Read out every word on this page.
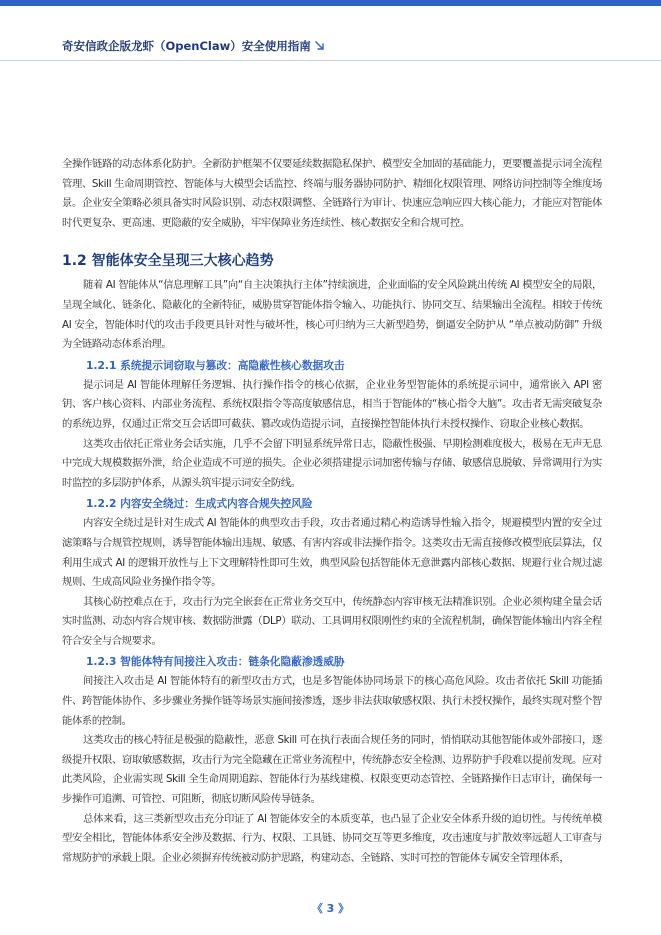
奇安信政企版龙虾（OpenClaw）安全使用指南

全操作链路的动态体系化防护。全新防护框架不仅要延续数据隐私保护、模型安全加固的基础能力，更要覆盖提示词全流程管理、Skill 生命周期管控、智能体与大模型会话监控、终端与服务器协同防护、精细化权限管理、网络访问控制等全维度场景。企业安全策略必须具备实时风险识别、动态权限调整、全链路行为审计、快速应急响应四大核心能力，才能应对智能体时代更复杂、更高速、更隐蔽的安全威胁，牢牢保障业务连续性、核心数据安全和合规可控。

1.2 智能体安全呈现三大核心趋势

随着 AI 智能体从“信息理解工具”向“自主决策执行主体”持续演进，企业面临的安全风险跳出传统 AI 模型安全的局限，呈现全域化、链条化、隐蔽化的全新特征，威胁贯穿智能体指令输入、功能执行、协同交互、结果输出全流程。相较于传统 AI 安全，智能体时代的攻击手段更具针对性与破坏性，核心可归纳为三大新型趋势，倒逼安全防护从 “单点被动防御” 升级为全链路动态体系治理。

1.2.1 系统提示词窃取与篡改：高隐蔽性核心数据攻击

提示词是 AI 智能体理解任务逻辑、执行操作指令的核心依据，企业业务型智能体的系统提示词中，通常嵌入 API 密钥、客户核心资料、内部业务流程、系统权限指令等高度敏感信息，相当于智能体的“核心指令大脑”。攻击者无需突破复杂的系统边界，仅通过正常交互会话即可截获、篡改或伪造提示词，直接操控智能体执行未授权操作、窃取企业核心数据。

这类攻击依托正常业务会话实施，几乎不会留下明显系统异常日志，隐蔽性极强、早期检测难度极大，极易在无声无息中完成大规模数据外泄，给企业造成不可逆的损失。企业必须搭建提示词加密传输与存储、敏感信息脱敏、异常调用行为实时监控的多层防护体系，从源头筑牢提示词安全防线。

1.2.2 内容安全绕过：生成式内容合规失控风险

内容安全绕过是针对生成式 AI 智能体的典型攻击手段，攻击者通过精心构造诱导性输入指令，规避模型内置的安全过滤策略与合规管控规则，诱导智能体输出违规、敏感、有害内容或非法操作指令。这类攻击无需直接修改模型底层算法，仅利用生成式 AI 的逻辑开放性与上下文理解特性即可生效，典型风险包括智能体无意泄露内部核心数据、规避行业合规过滤规则、生成高风险业务操作指令等。

其核心防控难点在于，攻击行为完全嵌套在正常业务交互中，传统静态内容审核无法精准识别。企业必须构建全量会话实时监测、动态内容合规审核、数据防泄露（DLP）联动、工具调用权限刚性约束的全流程机制，确保智能体输出内容全程符合安全与合规要求。

1.2.3 智能体特有间接注入攻击：链条化隐蔽渗透威胁

间接注入攻击是 AI 智能体特有的新型攻击方式，也是多智能体协同场景下的核心高危风险。攻击者依托 Skill 功能插件、跨智能体协作、多步骤业务操作链等场景实施间接渗透，逐步非法获取敏感权限、执行未授权操作，最终实现对整个智能体系的控制。

这类攻击的核心特征是极强的隐蔽性，恶意 Skill 可在执行表面合规任务的同时，悄悄联动其他智能体或外部接口，逐级提升权限、窃取敏感数据，攻击行为完全隐藏在正常业务流程中，传统静态安全检测、边界防护手段难以提前发现。应对此类风险，企业需实现 Skill 全生命周期追踪、智能体行为基线建模、权限变更动态管控、全链路操作日志审计，确保每一步操作可追溯、可管控、可阻断，彻底切断风险传导链条。

总体来看，这三类新型攻击充分印证了 AI 智能体安全的本质变革，也凸显了企业安全体系升级的迫切性。与传统单模型安全相比，智能体体系安全涉及数据、行为、权限、工具链、协同交互等更多维度，攻击速度与扩散效率远超人工审查与常规防护的承载上限。企业必须摒弃传统被动防护思路，构建动态、全链路、实时可控的智能体专属安全管理体系，

《 3 》
